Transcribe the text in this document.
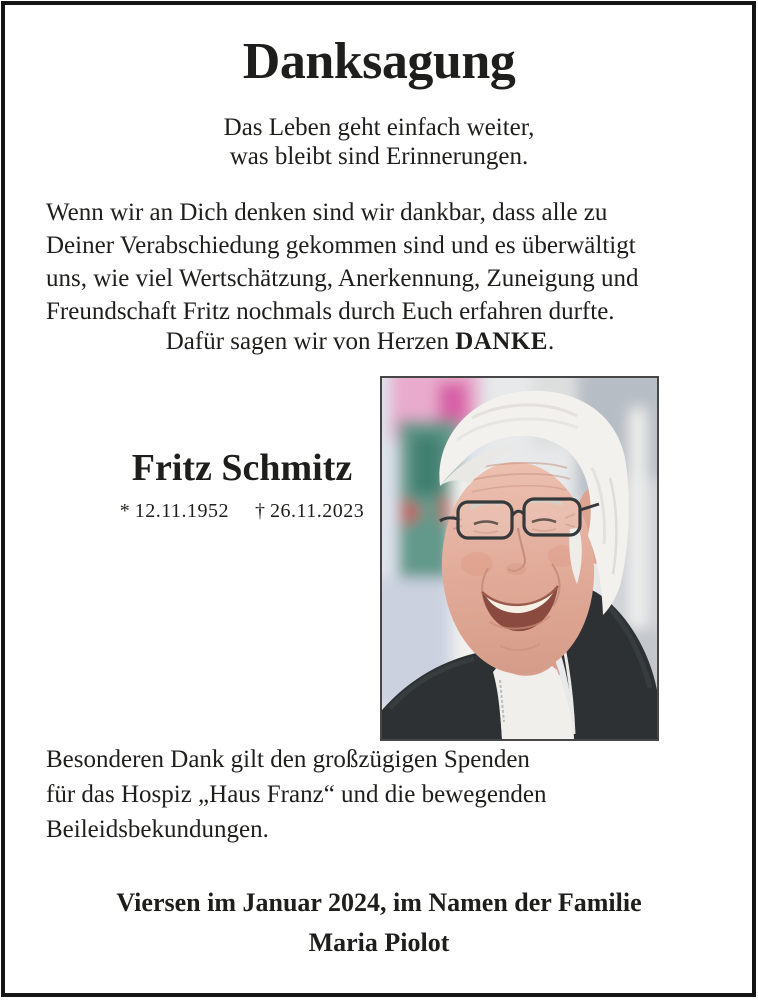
Danksagung
Das Leben geht einfach weiter,
was bleibt sind Erinnerungen.
Wenn wir an Dich denken sind wir dankbar, dass alle zu
Deiner Verabschiedung gekommen sind und es überwältigt
uns, wie viel Wertschätzung, Anerkennung, Zuneigung und
Freundschaft Fritz nochmals durch Euch erfahren durfte.
Dafür sagen wir von Herzen DANKE.
Fritz Schmitz
*  12.11.1952 †  26.11.2023
Besonderen Dank gilt den großzügigen Spenden
für das Hospiz „Haus Franz“ und die bewegenden
Beileidsbekundungen.
Viersen im Januar 2024, im Namen der Familie
Maria Piolot
